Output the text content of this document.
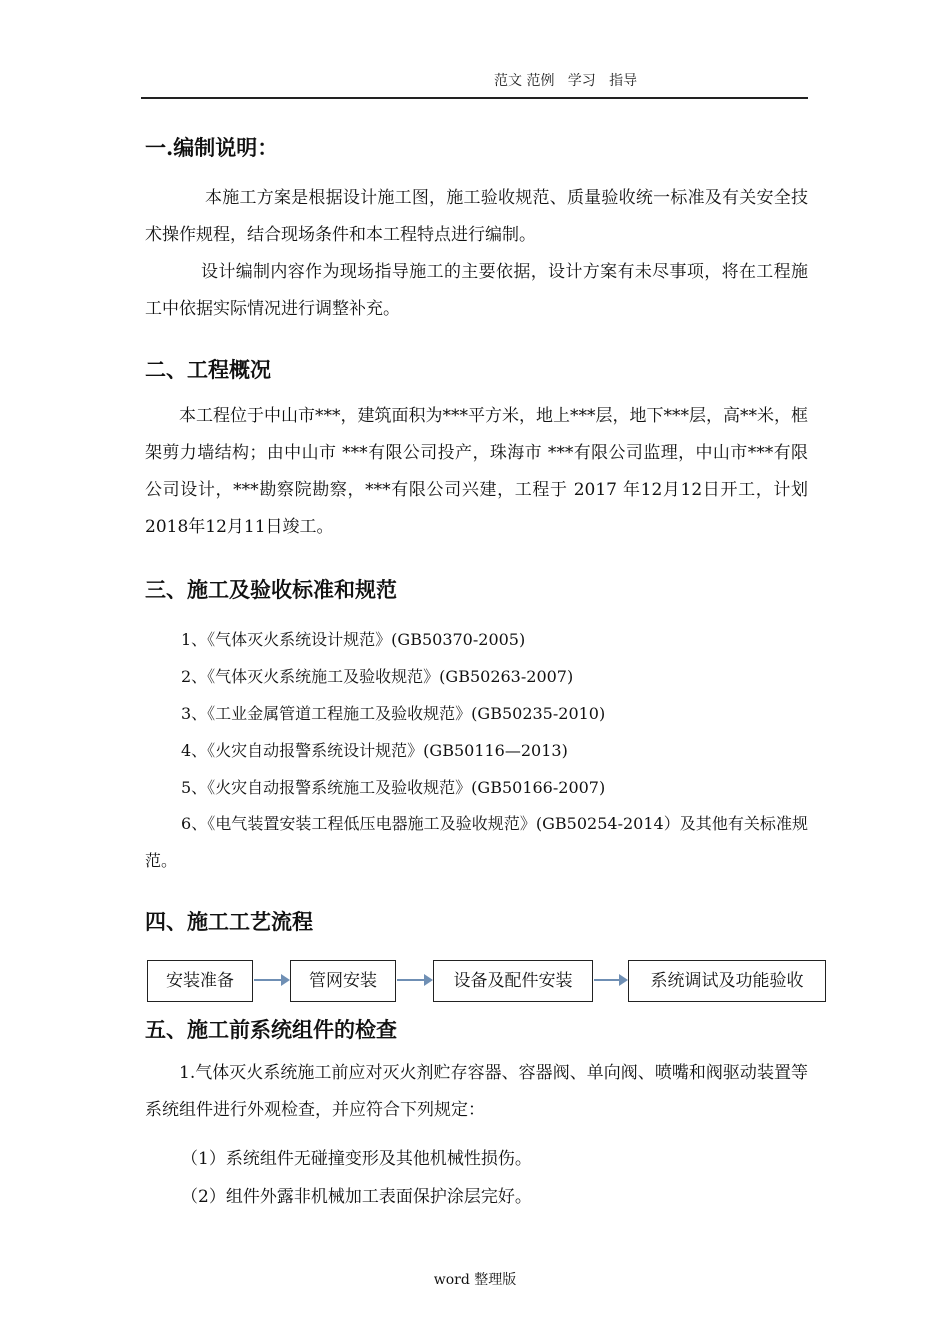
范文 范例   学习   指导
一.编制说明：

本施工方案是根据设计施工图，施工验收规范、质量验收统一标准及有关安全技术操作规程，结合现场条件和本工程特点进行编制。

设计编制内容作为现场指导施工的主要依据，设计方案有未尽事项，将在工程施工中依据实际情况进行调整补充。

二、工程概况

本工程位于中山市***，建筑面积为***平方米，地上***层，地下***层，高**米，框架剪力墙结构；由中山市 ***有限公司投产，珠海市 ***有限公司监理，中山市***有限公司设计，***勘察院勘察，***有限公司兴建，工程于 2017 年12月12日开工，计划2018年12月11日竣工。

三、施工及验收标准和规范

1、《气体灭火系统设计规范》(GB50370-2005)

2、《气体灭火系统施工及验收规范》(GB50263-2007)

3、《工业金属管道工程施工及验收规范》(GB50235-2010)

4、《火灾自动报警系统设计规范》(GB50116—2013)

5、《火灾自动报警系统施工及验收规范》(GB50166-2007)

6、《电气装置安装工程低压电器施工及验收规范》(GB50254-2014）及其他有关标准规范。

四、施工工艺流程
安装准备	管网安装	设备及配件安装	系统调试及功能验收
五、施工前系统组件的检查

1.气体灭火系统施工前应对灭火剂贮存容器、容器阀、单向阀、喷嘴和阀驱动装置等系统组件进行外观检查，并应符合下列规定：

（1）系统组件无碰撞变形及其他机械性损伤。

（2）组件外露非机械加工表面保护涂层完好。

word 整理版
